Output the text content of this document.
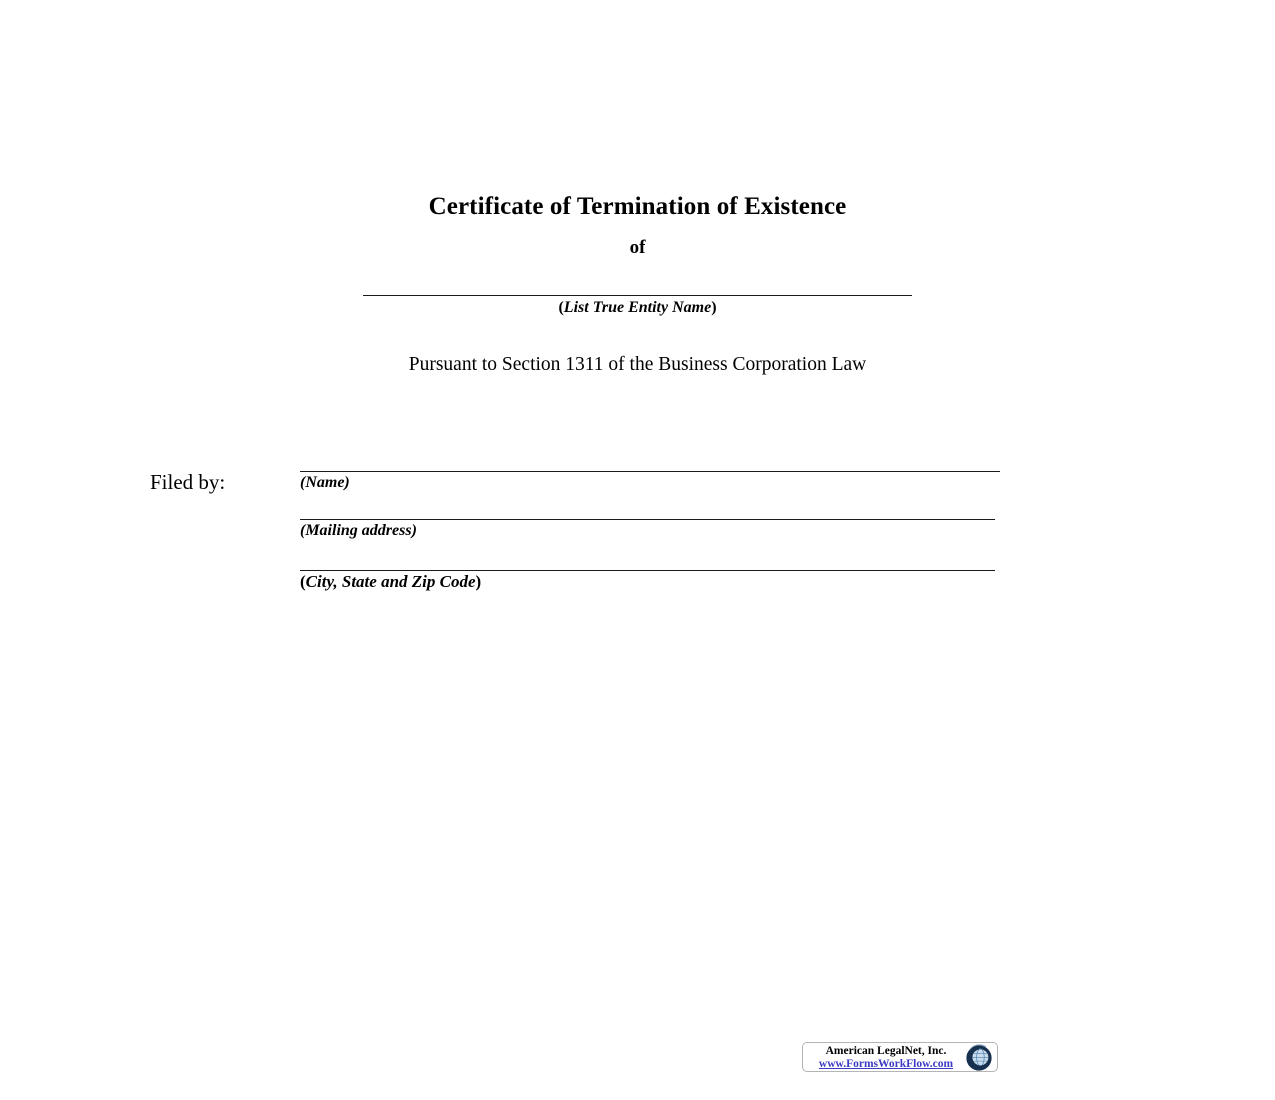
Certificate of Termination of Existence
of
(List True Entity Name)
Pursuant to Section 1311 of the Business Corporation Law
Filed by:	(Name)
(Mailing address)
(City, State and Zip Code)
American LegalNet, Inc.
www.FormsWorkFlow.com
